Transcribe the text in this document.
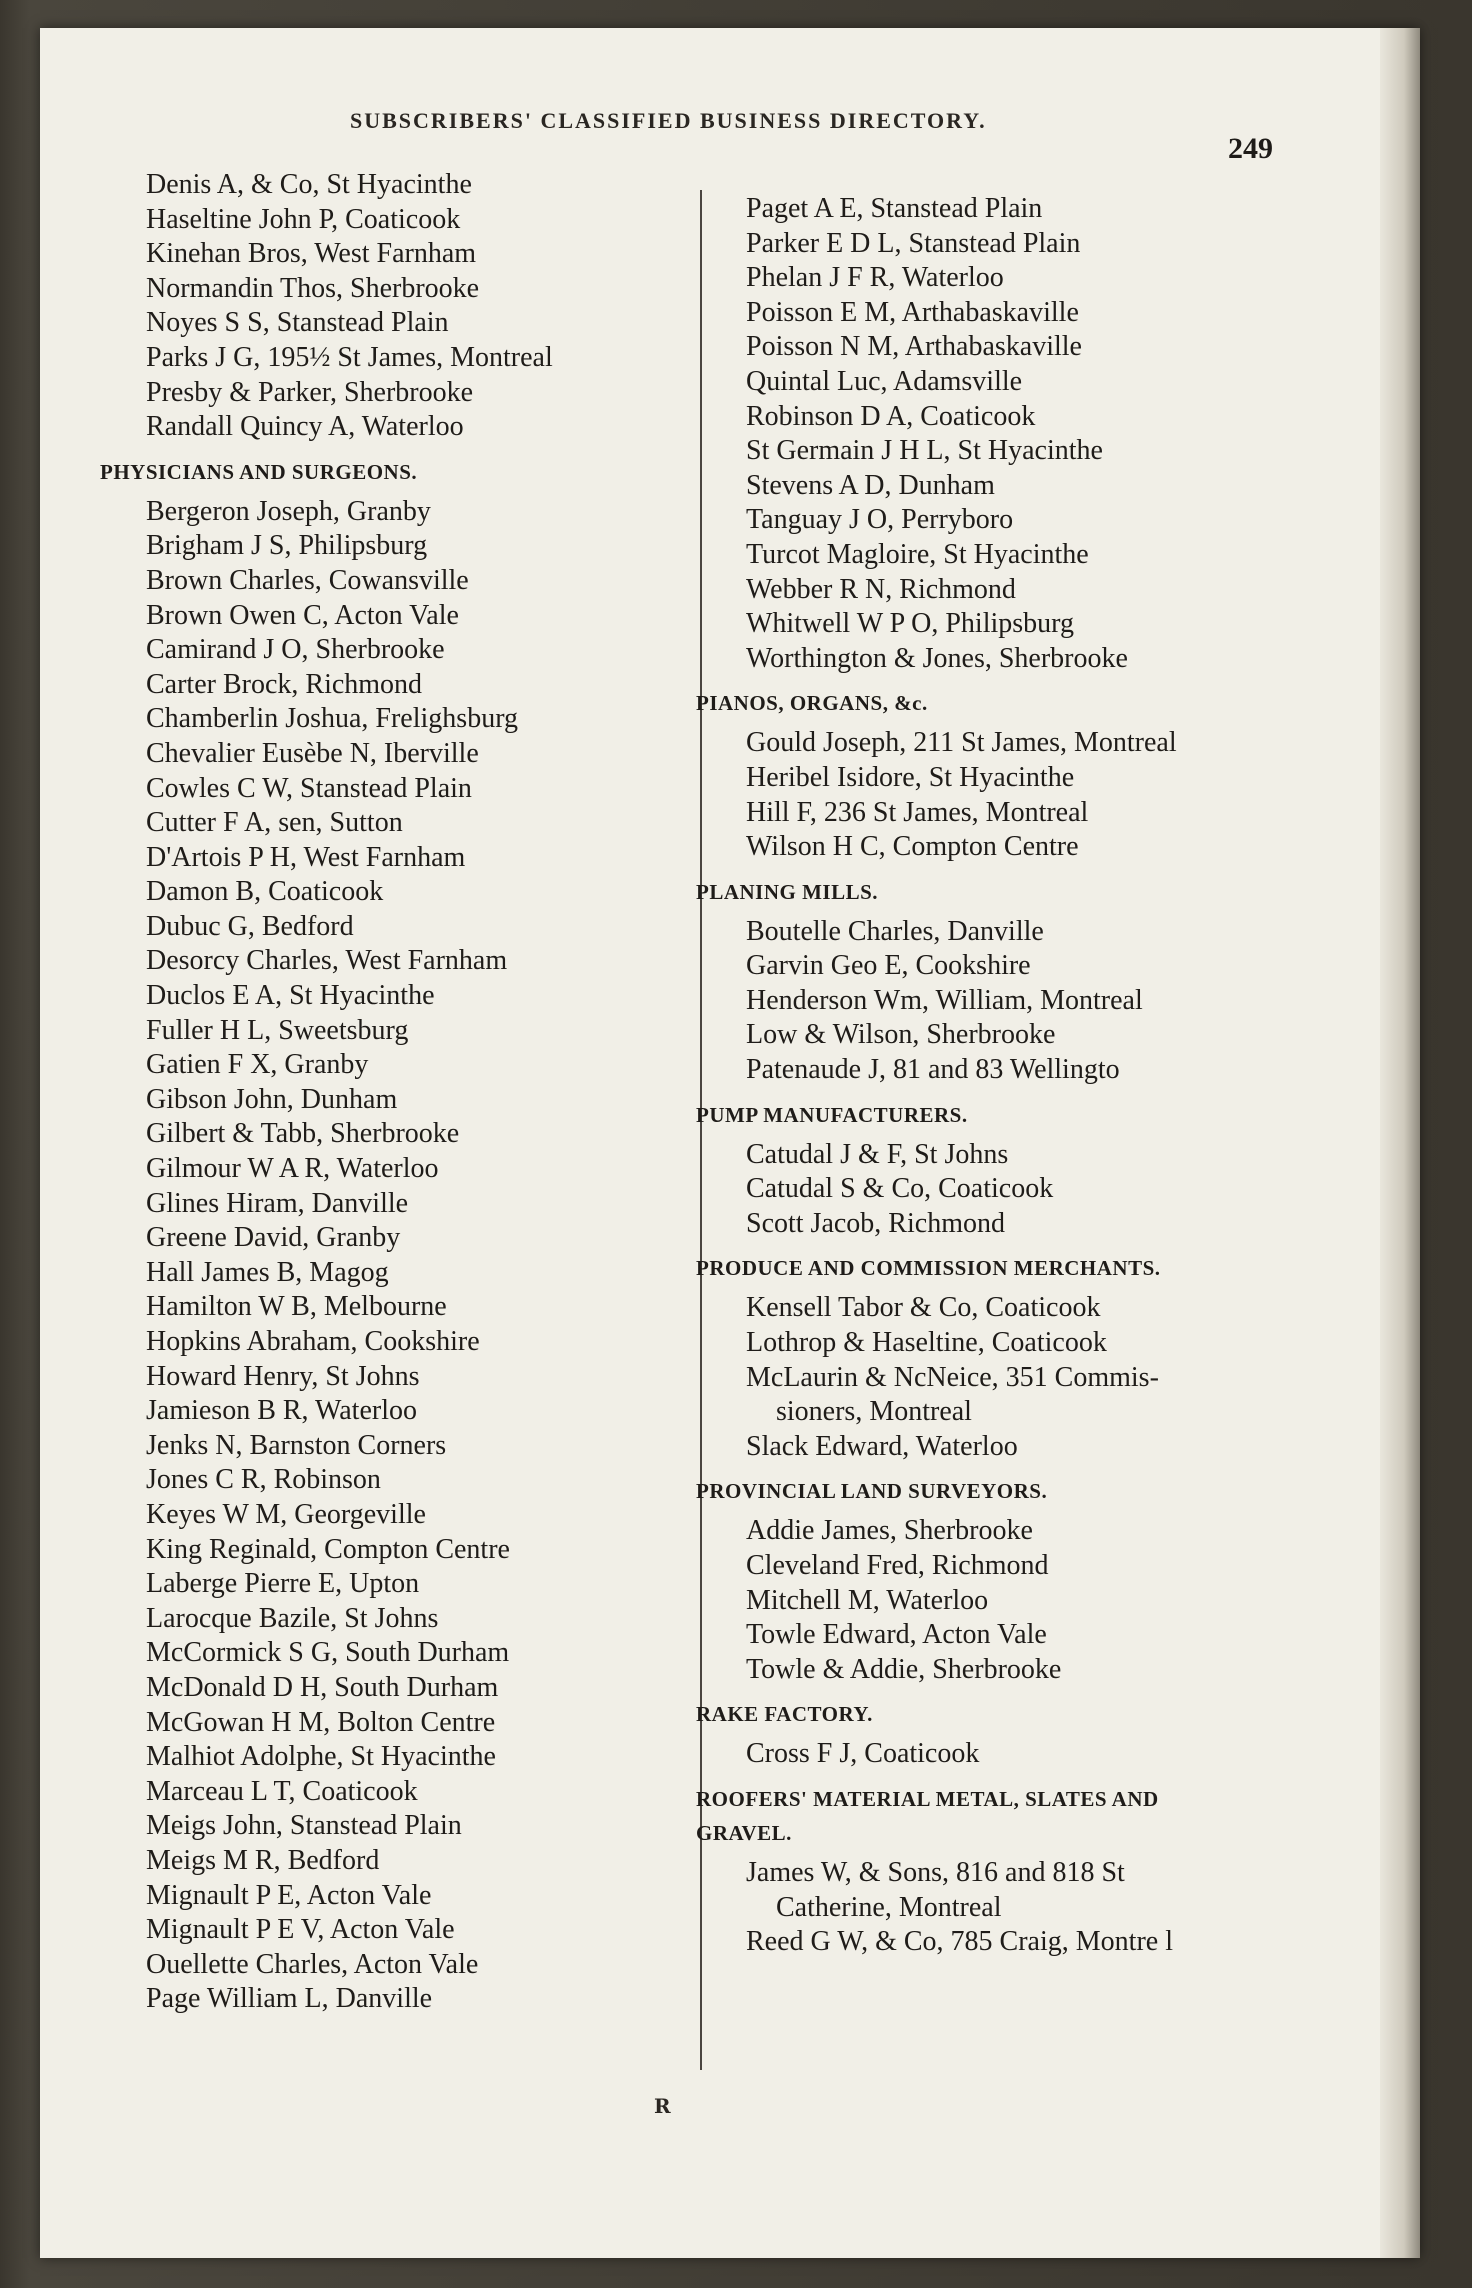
SUBSCRIBERS' CLASSIFIED BUSINESS DIRECTORY.
249
Denis A, & Co, St Hyacinthe
Haseltine John P, Coaticook
Kinehan Bros, West Farnham
Normandin Thos, Sherbrooke
Noyes S S, Stanstead Plain
Parks J G, 195½ St James, Montreal
Presby & Parker, Sherbrooke
Randall Quincy A, Waterloo
PHYSICIANS AND SURGEONS.
Bergeron Joseph, Granby
Brigham J S, Philipsburg
Brown Charles, Cowansville
Brown Owen C, Acton Vale
Camirand J O, Sherbrooke
Carter Brock, Richmond
Chamberlin Joshua, Frelighsburg
Chevalier Eusèbe N, Iberville
Cowles C W, Stanstead Plain
Cutter F A, sen, Sutton
D'Artois P H, West Farnham
Damon B, Coaticook
Dubuc G, Bedford
Desorcy Charles, West Farnham
Duclos E A, St Hyacinthe
Fuller H L, Sweetsburg
Gatien F X, Granby
Gibson John, Dunham
Gilbert & Tabb, Sherbrooke
Gilmour W A R, Waterloo
Glines Hiram, Danville
Greene David, Granby
Hall James B, Magog
Hamilton W B, Melbourne
Hopkins Abraham, Cookshire
Howard Henry, St Johns
Jamieson B R, Waterloo
Jenks N, Barnston Corners
Jones C R, Robinson
Keyes W M, Georgeville
King Reginald, Compton Centre
Laberge Pierre E, Upton
Larocque Bazile, St Johns
McCormick S G, South Durham
McDonald D H, South Durham
McGowan H M, Bolton Centre
Malhiot Adolphe, St Hyacinthe
Marceau L T, Coaticook
Meigs John, Stanstead Plain
Meigs M R, Bedford
Mignault P E, Acton Vale
Mignault P E V, Acton Vale
Ouellette Charles, Acton Vale
Page William L, Danville
Paget A E, Stanstead Plain
Parker E D L, Stanstead Plain
Phelan J F R, Waterloo
Poisson E M, Arthabaskaville
Poisson N M, Arthabaskaville
Quintal Luc, Adamsville
Robinson D A, Coaticook
St Germain J H L, St Hyacinthe
Stevens A D, Dunham
Tanguay J O, Perryboro
Turcot Magloire, St Hyacinthe
Webber R N, Richmond
Whitwell W P O, Philipsburg
Worthington & Jones, Sherbrooke
PIANOS, ORGANS, &c.
Gould Joseph, 211 St James, Montreal
Heribel Isidore, St Hyacinthe
Hill F, 236 St James, Montreal
Wilson H C, Compton Centre
PLANING MILLS.
Boutelle Charles, Danville
Garvin Geo E, Cookshire
Henderson Wm, William, Montreal
Low & Wilson, Sherbrooke
Patenaude J, 81 and 83 Wellingto
PUMP MANUFACTURERS.
Catudal J & F, St Johns
Catudal S & Co, Coaticook
Scott Jacob, Richmond
PRODUCE AND COMMISSION MERCHANTS.
Kensell Tabor & Co, Coaticook
Lothrop & Haseltine, Coaticook
McLaurin & NcNeice, 351 Commis-
sioners, Montreal
Slack Edward, Waterloo
PROVINCIAL LAND SURVEYORS.
Addie James, Sherbrooke
Cleveland Fred, Richmond
Mitchell M, Waterloo
Towle Edward, Acton Vale
Towle & Addie, Sherbrooke
RAKE FACTORY.
Cross F J, Coaticook
ROOFERS' MATERIAL METAL, SLATES AND
GRAVEL.
James W, & Sons, 816 and 818 St
Catherine, Montreal
Reed G W, & Co, 785 Craig, Montre l
R
